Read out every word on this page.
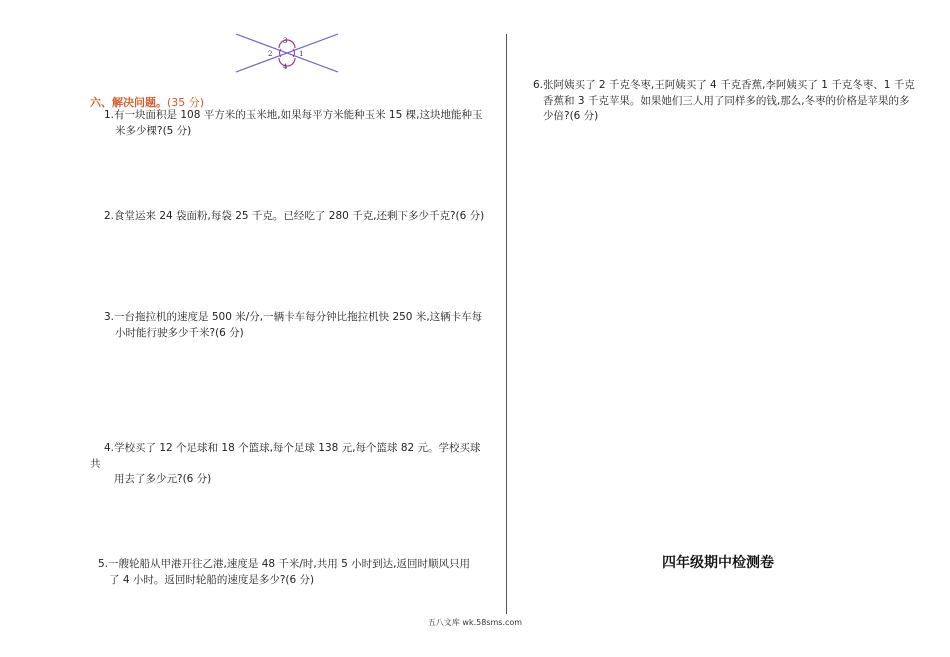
3
2	1
4
六、解决问题。(35 分)
1.有一块面积是 108 平方米的玉米地,如果每平方米能种玉米 15 棵,这块地能种玉
米多少棵?(5 分)
2.食堂运来 24 袋面粉,每袋 25 千克。已经吃了 280 千克,还剩下多少千克?(6 分)
3.一台拖拉机的速度是 500 米/分,一辆卡车每分钟比拖拉机快 250 米,这辆卡车每
小时能行驶多少千米?(6 分)
4.学校买了 12 个足球和 18 个篮球,每个足球 138 元,每个篮球 82 元。学校买球
共
用去了多少元?(6 分)
5.一艘轮船从甲港开往乙港,速度是 48 千米/时,共用 5 小时到达,返回时顺风只用
了 4 小时。返回时轮船的速度是多少?(6 分)
6.张阿姨买了 2 千克冬枣,王阿姨买了 4 千克香蕉,李阿姨买了 1 千克冬枣、1 千克
香蕉和 3 千克苹果。如果她们三人用了同样多的钱,那么,冬枣的价格是苹果的多
少倍?(6 分)
四年级期中检测卷
五八文库 wk.58sms.com
